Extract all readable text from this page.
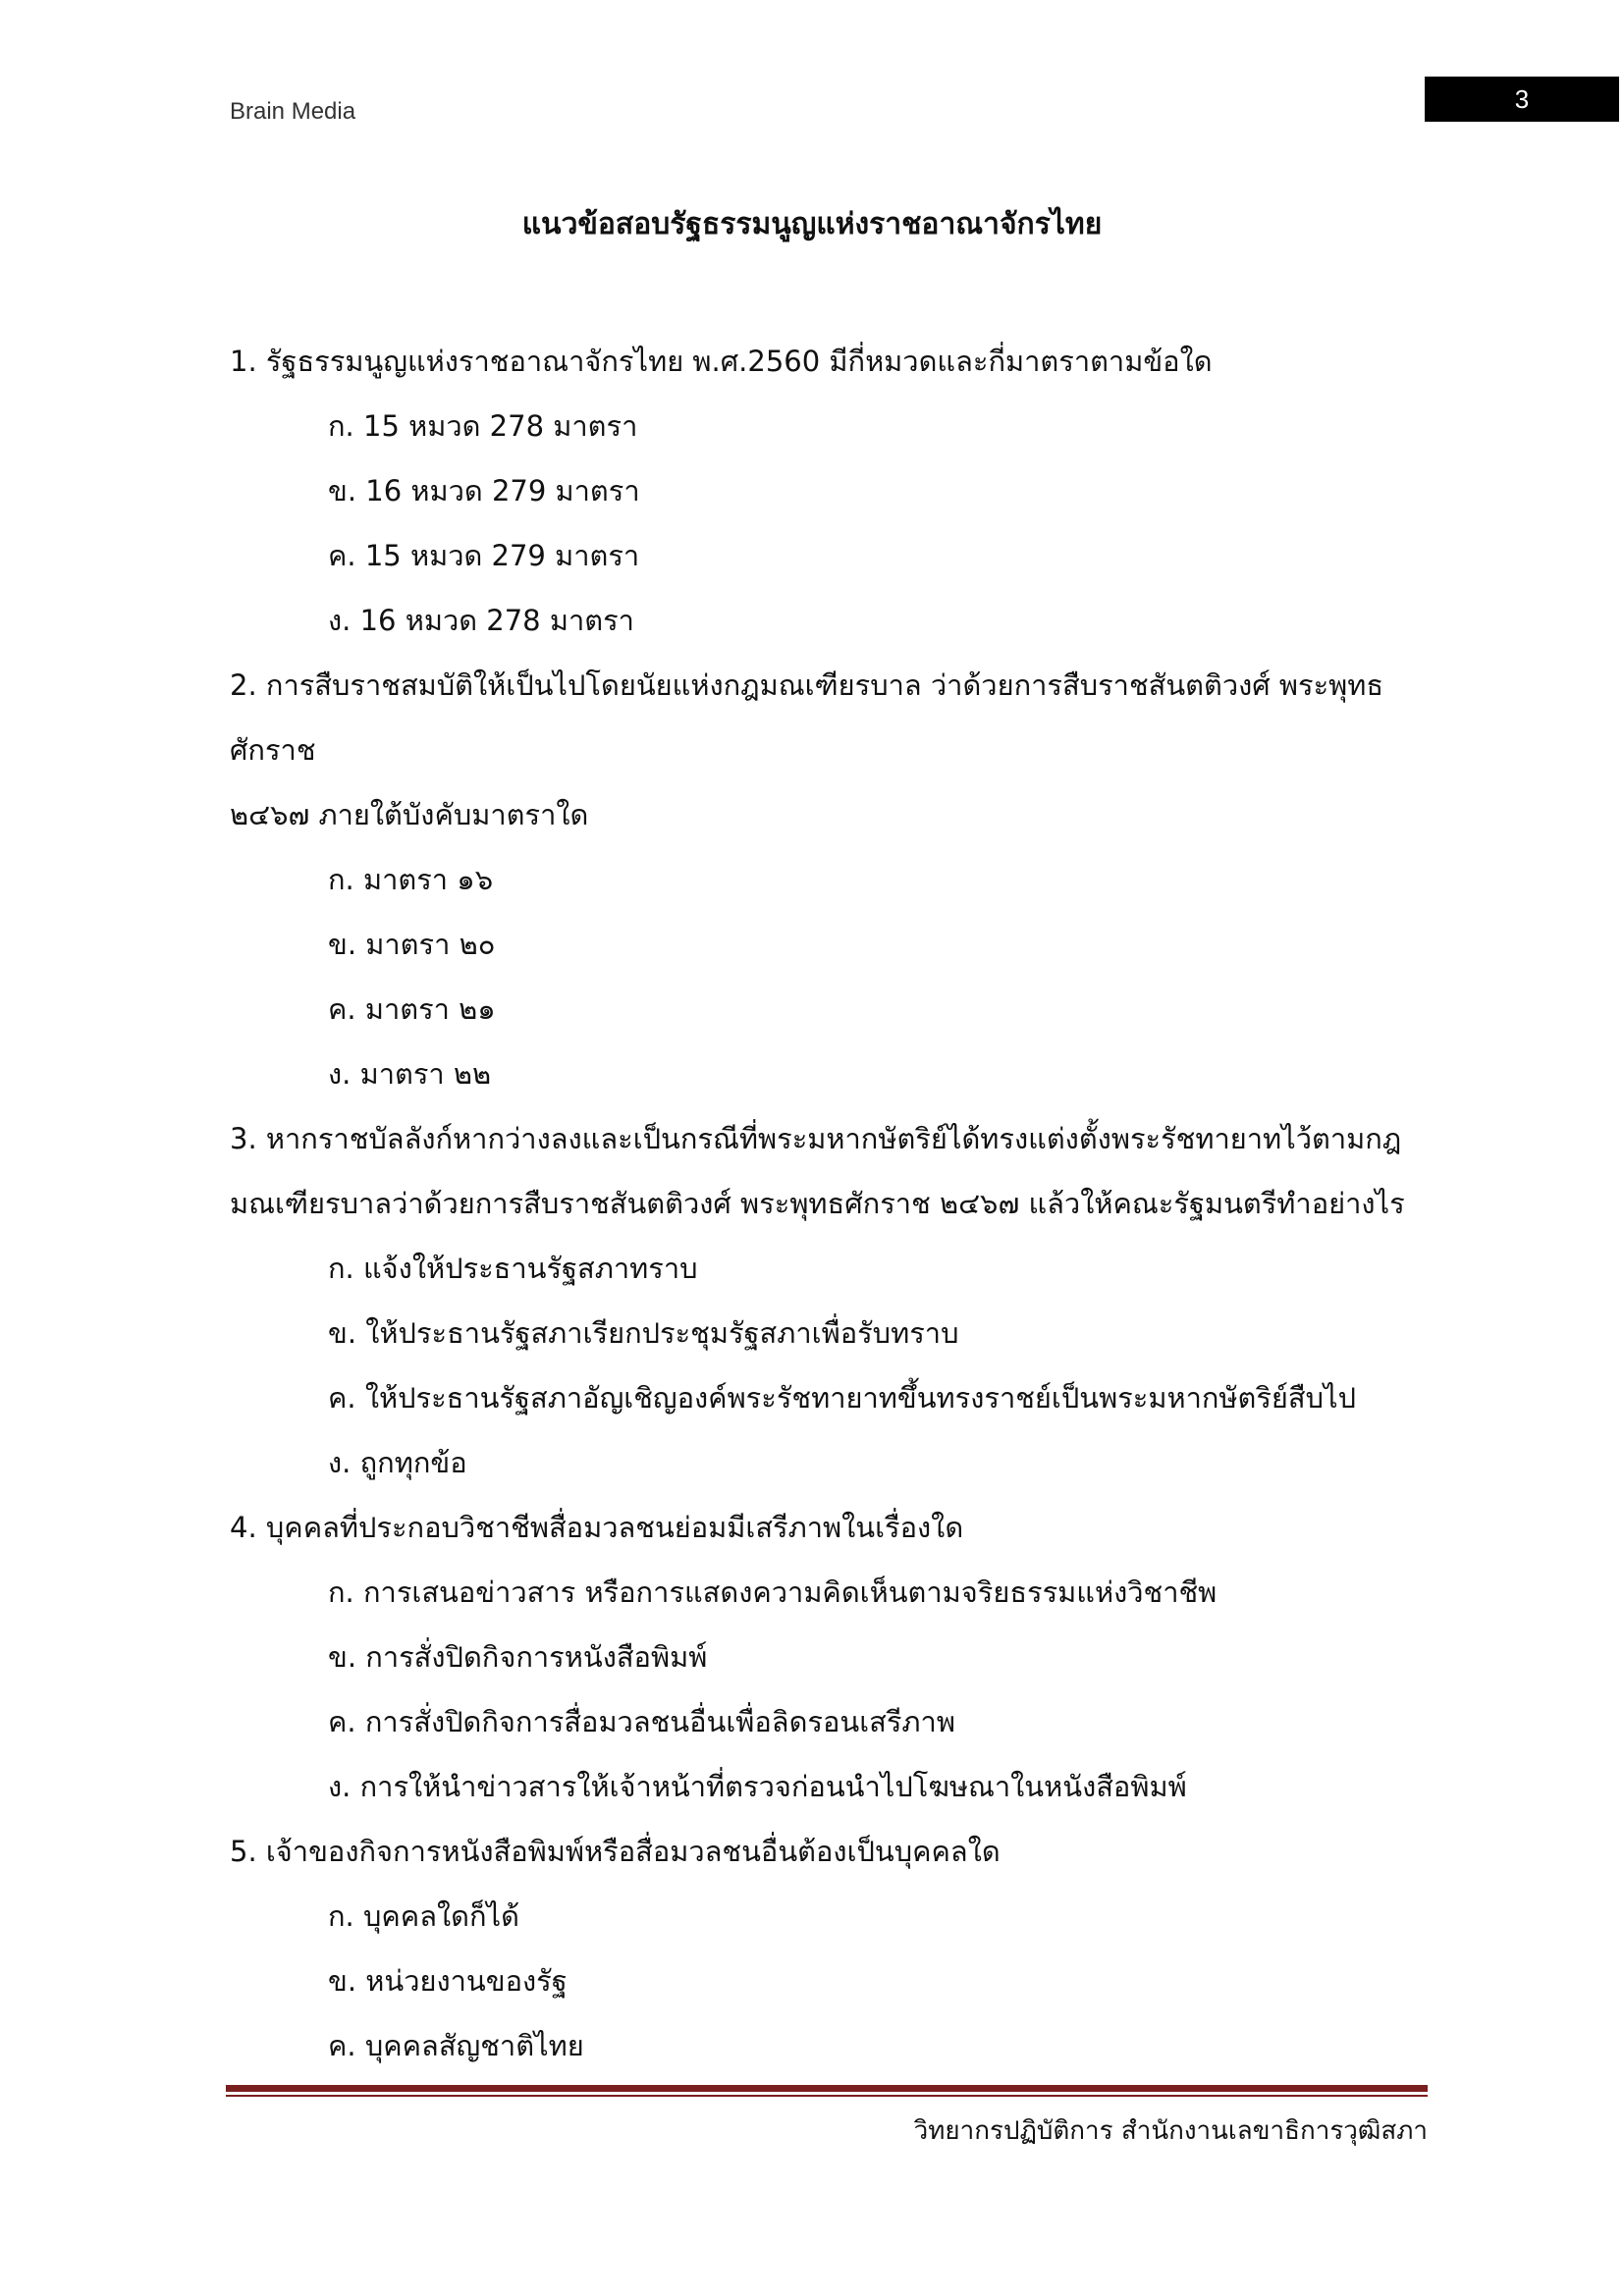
Brain Media	3
แนวข้อสอบรัฐธรรมนูญแห่งราชอาณาจักรไทย

1. รัฐธรรมนูญแห่งราชอาณาจักรไทย พ.ศ.2560 มีกี่หมวดและกี่มาตราตามข้อใด

ก. 15 หมวด 278 มาตรา

ข. 16 หมวด 279 มาตรา

ค. 15 หมวด 279 มาตรา

ง. 16 หมวด 278 มาตรา

2. การสืบราชสมบัติให้เป็นไปโดยนัยแห่งกฎมณเฑียรบาล ว่าด้วยการสืบราชสันตติวงศ์ พระพุทธศักราช

๒๔๖๗ ภายใต้บังคับมาตราใด

ก. มาตรา ๑๖

ข. มาตรา ๒๐

ค. มาตรา ๒๑

ง. มาตรา ๒๒

3. หากราชบัลลังก์หากว่างลงและเป็นกรณีที่พระมหากษัตริย์ได้ทรงแต่งตั้งพระรัชทายาทไว้ตามกฎ

มณเฑียรบาลว่าด้วยการสืบราชสันตติวงศ์ พระพุทธศักราช ๒๔๖๗ แล้วให้คณะรัฐมนตรีทำอย่างไร

ก. แจ้งให้ประธานรัฐสภาทราบ

ข. ให้ประธานรัฐสภาเรียกประชุมรัฐสภาเพื่อรับทราบ

ค. ให้ประธานรัฐสภาอัญเชิญองค์พระรัชทายาทขึ้นทรงราชย์เป็นพระมหากษัตริย์สืบไป

ง. ถูกทุกข้อ

4. บุคคลที่ประกอบวิชาชีพสื่อมวลชนย่อมมีเสรีภาพในเรื่องใด

ก. การเสนอข่าวสาร หรือการแสดงความคิดเห็นตามจริยธรรมแห่งวิชาชีพ

ข. การสั่งปิดกิจการหนังสือพิมพ์

ค. การสั่งปิดกิจการสื่อมวลชนอื่นเพื่อลิดรอนเสรีภาพ

ง. การให้นำข่าวสารให้เจ้าหน้าที่ตรวจก่อนนำไปโฆษณาในหนังสือพิมพ์

5. เจ้าของกิจการหนังสือพิมพ์หรือสื่อมวลชนอื่นต้องเป็นบุคคลใด

ก. บุคคลใดก็ได้

ข. หน่วยงานของรัฐ

ค. บุคคลสัญชาติไทย

วิทยากรปฏิบัติการ สำนักงานเลขาธิการวุฒิสภา
